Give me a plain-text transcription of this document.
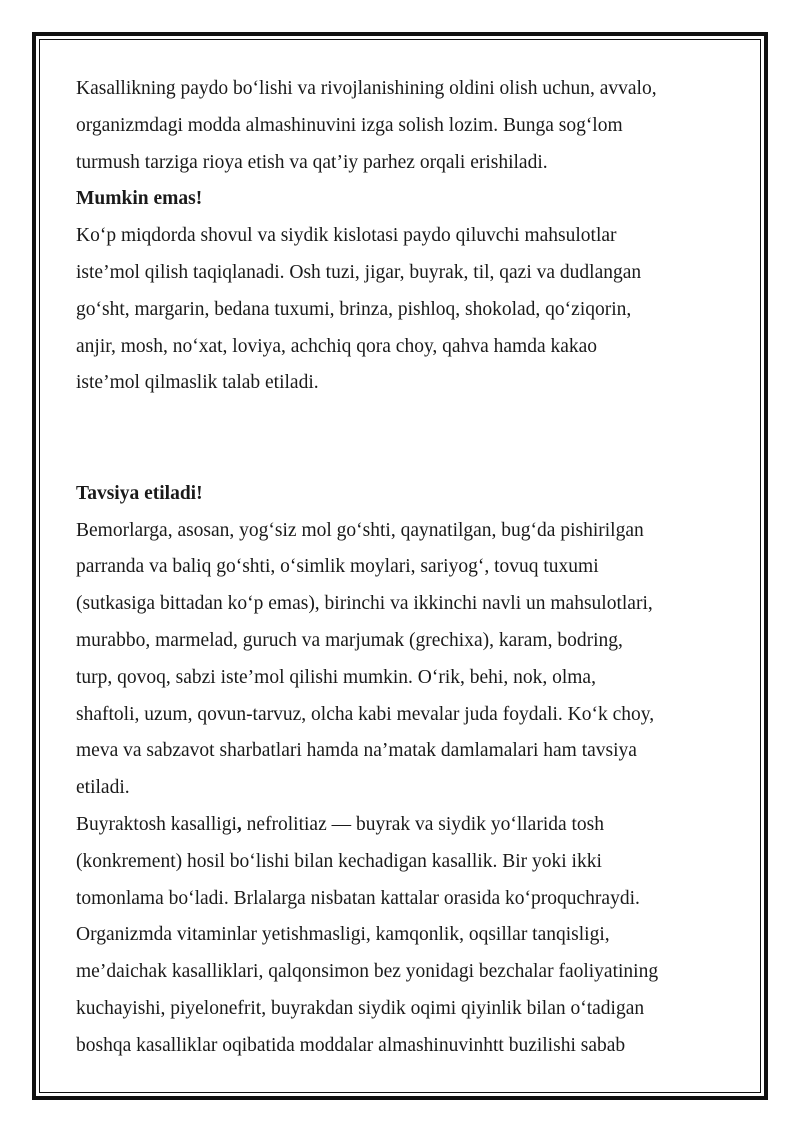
Kasallikning paydo bo‘lishi va rivojlanishining oldini olish uchun, avvalo,

organizmdagi modda almashinuvini izga solish lozim. Bunga sog‘lom

turmush tarziga rioya etish va qat’iy parhez orqali erishiladi.

Mumkin emas!

Ko‘p miqdorda shovul va siydik kislotasi paydo qiluvchi mahsulotlar

iste’mol qilish taqiqlanadi. Osh tuzi, jigar, buyrak, til, qazi va dudlangan

go‘sht, margarin, bedana tuxumi, brinza, pishloq, shokolad, qo‘ziqorin,

anjir, mosh, no‘xat, loviya, achchiq qora choy, qahva hamda kakao

iste’mol qilmaslik talab etiladi.

Tavsiya etiladi!

Bemorlarga, asosan, yog‘siz mol go‘shti, qaynatilgan, bug‘da pishirilgan

parranda va baliq go‘shti, o‘simlik moylari, sariyog‘, tovuq tuxumi

(sutkasiga bittadan ko‘p emas), birinchi va ikkinchi navli un mahsulotlari,

murabbo, marmelad, guruch va marjumak (grechixa), karam, bodring,

turp, qovoq, sabzi iste’mol qilishi mumkin. O‘rik, behi, nok, olma,

shaftoli, uzum, qovun-tarvuz, olcha kabi mevalar juda foydali. Ko‘k choy,

meva va sabzavot sharbatlari hamda na’matak damlamalari ham tavsiya

etiladi.

Buyraktosh kasalligi, nefrolitiaz — buyrak va siydik yo‘llarida tosh

(konkrement) hosil bo‘lishi bilan kechadigan kasallik. Bir yoki ikki

tomonlama bo‘ladi. Brlalarga nisbatan kattalar orasida ko‘proquchraydi.

Organizmda vitaminlar yetishmasligi, kamqonlik, oqsillar tanqisligi,

me’daichak kasalliklari, qalqonsimon bez yonidagi bezchalar faoliyatining

kuchayishi, piyelonefrit, buyrakdan siydik oqimi qiyinlik bilan o‘tadigan

boshqa kasalliklar oqibatida moddalar almashinuvinhtt buzilishi sabab
